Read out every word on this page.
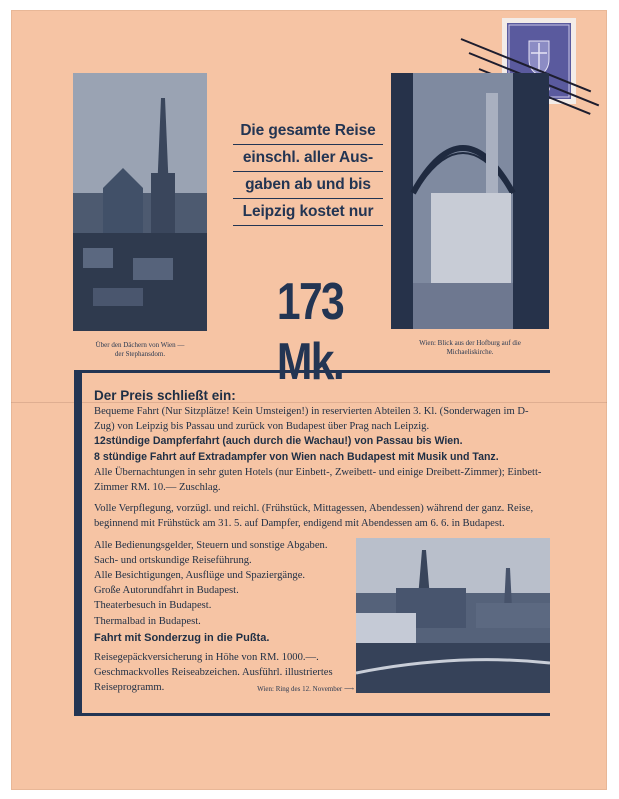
Über den Dächern von Wien —
der Stephansdom.
Die gesamte Reise
einschl. aller Aus-
gaben ab und bis
Leipzig kostet nur
173 Mk.	Wien: Blick aus der Hofburg auf die
Michaeliskirche.
Der Preis schließt ein:
Bequeme Fahrt (Nur Sitzplätze! Kein Umsteigen!) in reservierten Abteilen 3. Kl. (Sonderwagen im D-Zug) von Leipzig bis Passau und zurück von Budapest über Prag nach Leipzig.
12stündige Dampferfahrt (auch durch die Wachau!) von Passau bis Wien.
8 stündige Fahrt auf Extradampfer von Wien nach Budapest mit Musik und Tanz.
Alle Übernachtungen in sehr guten Hotels (nur Einbett-, Zweibett- und einige Dreibett-Zimmer); Einbett-Zimmer RM. 10.— Zuschlag.
Volle Verpflegung, vorzügl. und reichl. (Frühstück, Mittagessen, Abendessen) während der ganz. Reise, beginnend mit Frühstück am 31. 5. auf Dampfer, endigend mit Abendessen am 6. 6. in Budapest.
Alle Bedienungsgelder, Steuern und sonstige Abgaben.
Sach- und ortskundige Reiseführung.
Alle Besichtigungen, Ausflüge und Spaziergänge.
Große Autorundfahrt in Budapest.
Theaterbesuch in Budapest.
Thermalbad in Budapest.
Fahrt mit Sonderzug in die Pußta.
Reisegepäckversicherung in Höhe von RM. 1000.—.
Geschmackvolles Reiseabzeichen. Ausführl. illustriertes
Reiseprogramm.	Wien: Ring des 12. November ⟶
